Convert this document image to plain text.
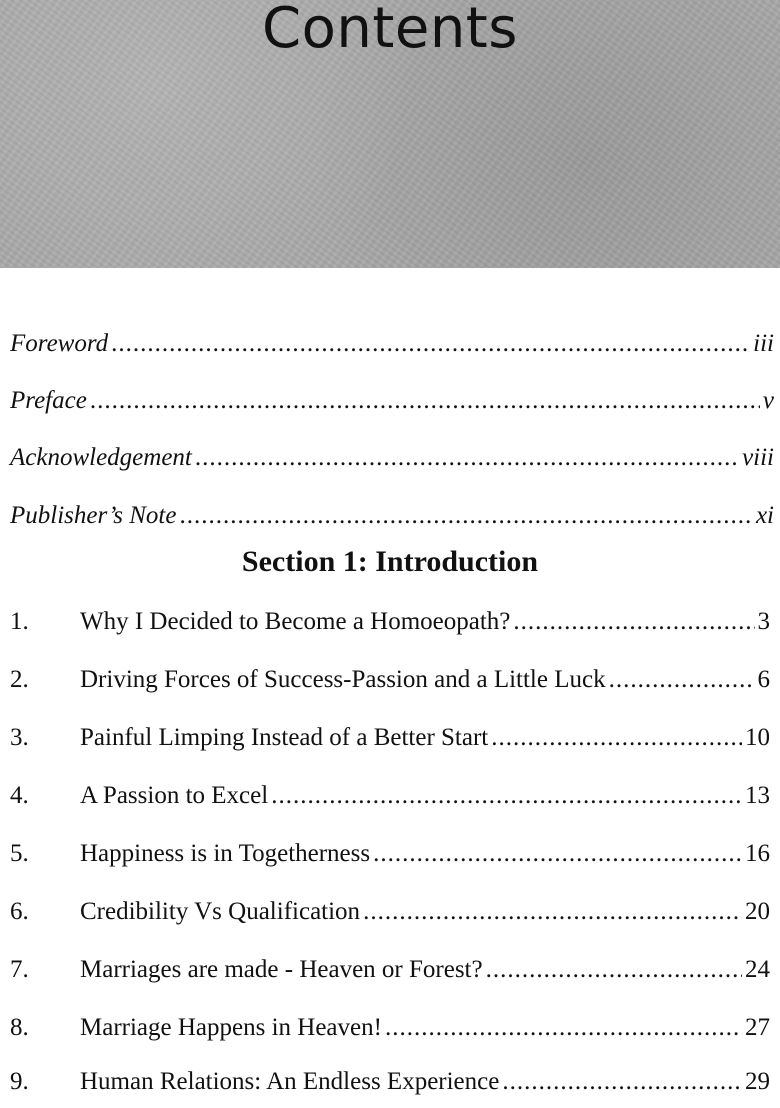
Contents
Foreword .....	iii
Preface .....	v
Acknowledgement .....	viii
Publisher’s Note .....	xi
Section 1: Introduction
1.	Why I Decided to Become a Homoeopath? .....	3
2.	Driving Forces of Success-Passion and a Little Luck .....	6
3.	Painful Limping Instead of a Better Start .....	10
4.	A Passion to Excel .....	13
5.	Happiness is in Togetherness .....	16
6.	Credibility Vs Qualification .....	20
7.	Marriages are made - Heaven or Forest? .....	24
8.	Marriage Happens in Heaven! .....	27
9.	Human Relations: An Endless Experience .....	29
